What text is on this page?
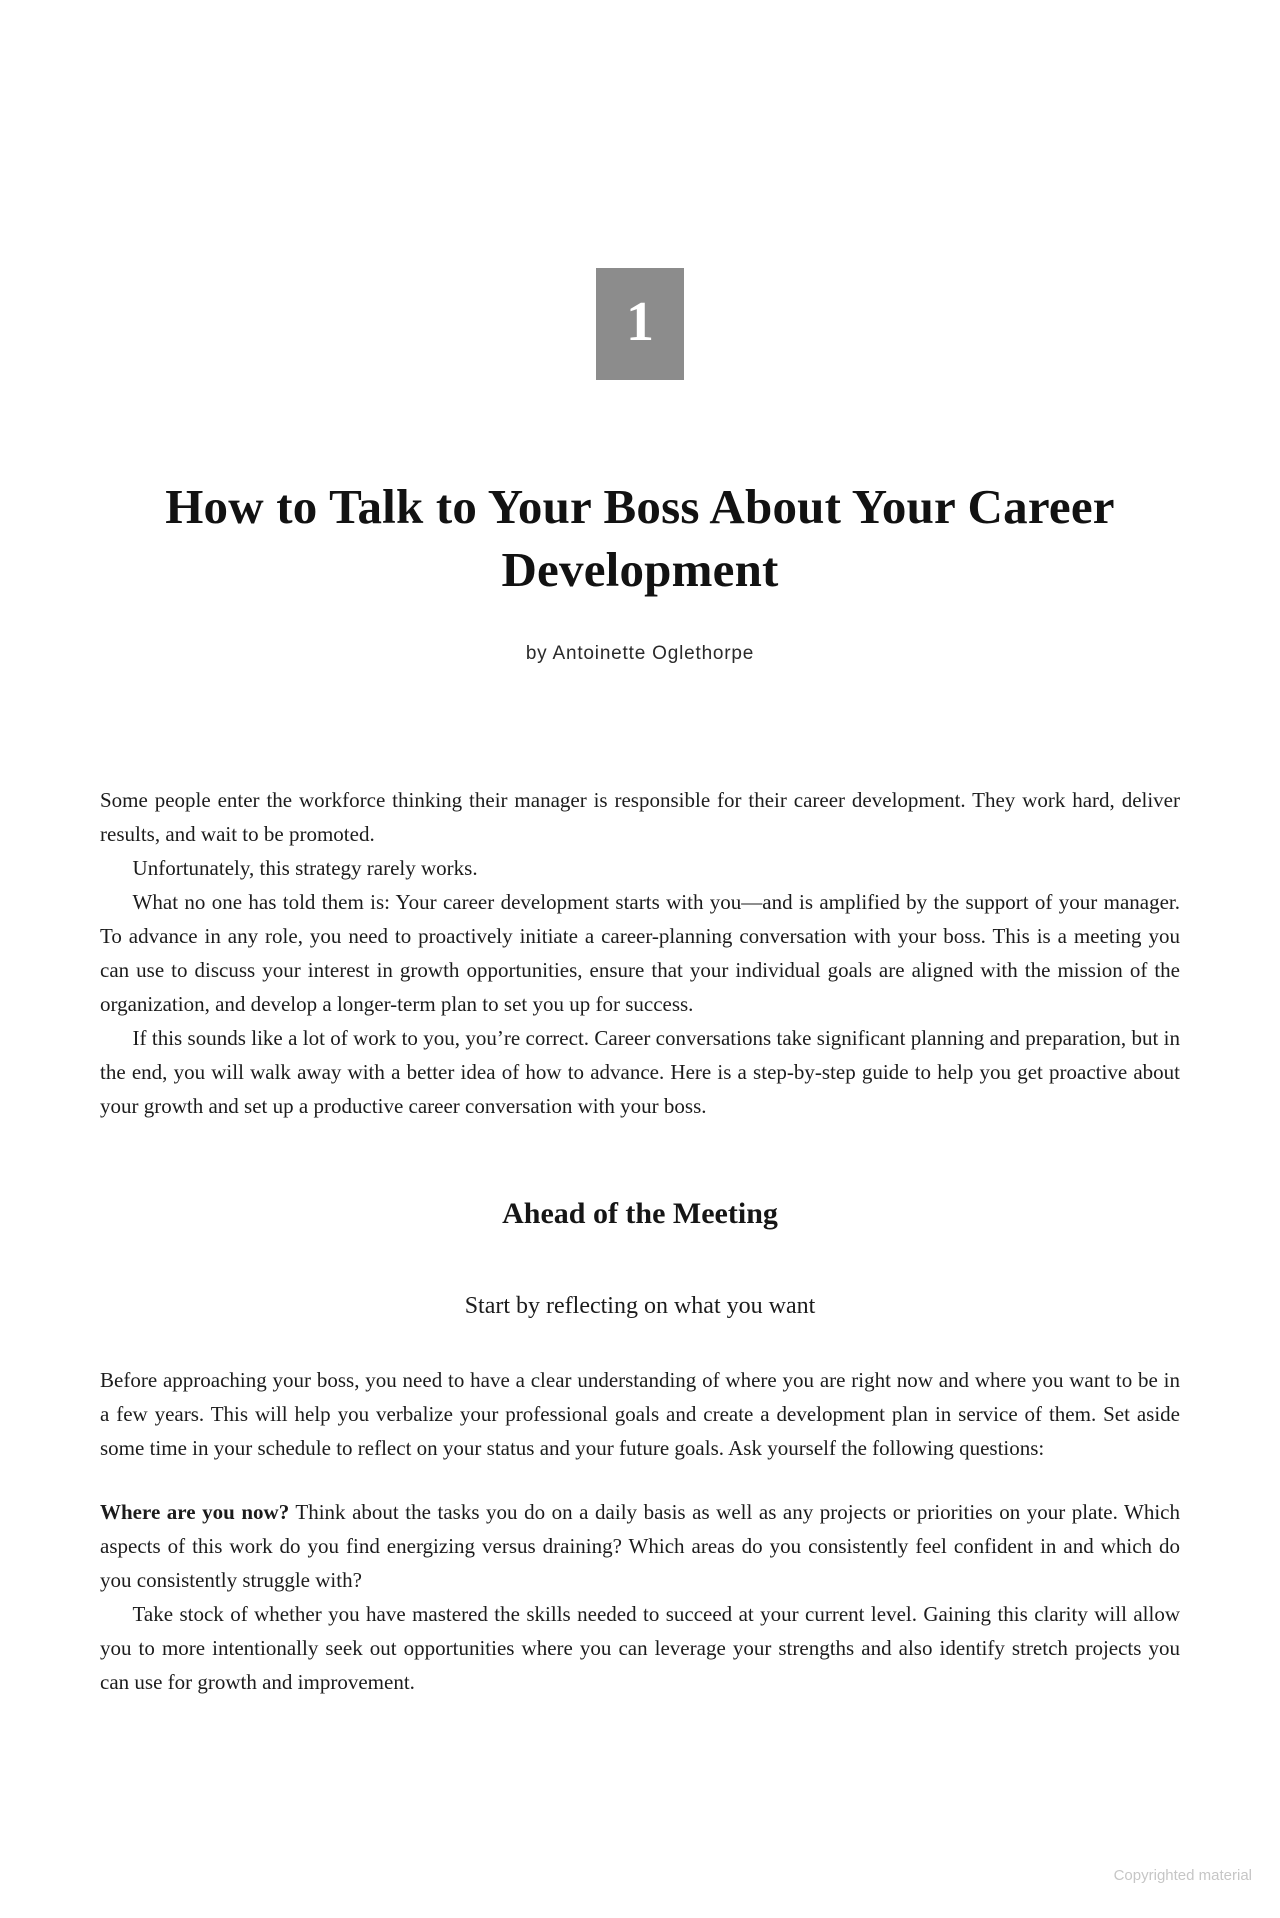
1
How to Talk to Your Boss About Your Career Development
by Antoinette Oglethorpe

Some people enter the workforce thinking their manager is responsible for their career development. They work hard, deliver results, and wait to be promoted.

Unfortunately, this strategy rarely works.

What no one has told them is: Your career development starts with you—and is amplified by the support of your manager. To advance in any role, you need to proactively initiate a career-planning conversation with your boss. This is a meeting you can use to discuss your interest in growth opportunities, ensure that your individual goals are aligned with the mission of the organization, and develop a longer-term plan to set you up for success.

If this sounds like a lot of work to you, you’re correct. Career conversations take significant planning and preparation, but in the end, you will walk away with a better idea of how to advance. Here is a step-by-step guide to help you get proactive about your growth and set up a productive career conversation with your boss.

Ahead of the Meeting
Start by reflecting on what you want

Before approaching your boss, you need to have a clear understanding of where you are right now and where you want to be in a few years. This will help you verbalize your professional goals and create a development plan in service of them. Set aside some time in your schedule to reflect on your status and your future goals. Ask yourself the following questions:

Where are you now? Think about the tasks you do on a daily basis as well as any projects or priorities on your plate. Which aspects of this work do you find energizing versus draining? Which areas do you consistently feel confident in and which do you consistently struggle with?

Take stock of whether you have mastered the skills needed to succeed at your current level. Gaining this clarity will allow you to more intentionally seek out opportunities where you can leverage your strengths and also identify stretch projects you can use for growth and improvement.

Copyrighted material
